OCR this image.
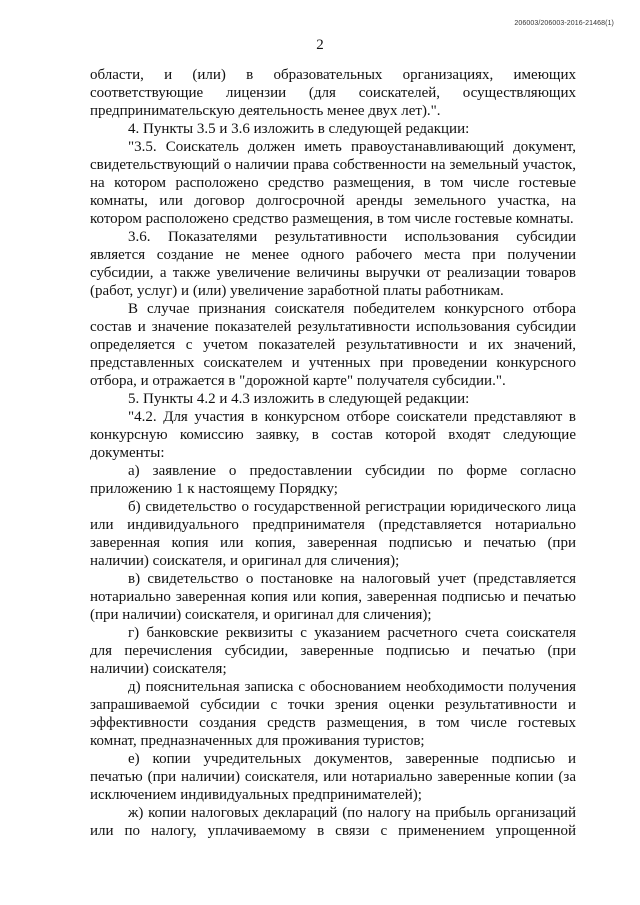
206003/206003-2016-21468(1)
2

области, и (или) в образовательных организациях, имеющих соответствующие лицензии (для соискателей, осуществляющих предпринимательскую деятельность менее двух лет).".

4. Пункты 3.5 и 3.6 изложить в следующей редакции:

"3.5. Соискатель должен иметь правоустанавливающий документ, свидетельствующий о наличии права собственности на земельный участок, на котором расположено средство размещения, в том числе гостевые комнаты, или договор долгосрочной аренды земельного участка, на котором расположено средство размещения, в том числе гостевые комнаты.

3.6. Показателями результативности использования субсидии является создание не менее одного рабочего места при получении субсидии, а также увеличение величины выручки от реализации товаров (работ, услуг) и (или) увеличение заработной платы работникам.

В случае признания соискателя победителем конкурсного отбора состав и значение показателей результативности использования субсидии определяется с учетом показателей результативности и их значений, представленных соискателем и учтенных при проведении конкурсного отбора, и отражается в "дорожной карте" получателя субсидии.".

5. Пункты 4.2 и 4.3 изложить в следующей редакции:

"4.2. Для участия в конкурсном отборе соискатели представляют в конкурсную комиссию заявку, в состав которой входят следующие документы:

а) заявление о предоставлении субсидии по форме согласно приложению 1 к настоящему Порядку;

б) свидетельство о государственной регистрации юридического лица или индивидуального предпринимателя (представляется нотариально заверенная копия или копия, заверенная подписью и печатью (при наличии) соискателя, и оригинал для сличения);

в) свидетельство о постановке на налоговый учет (представляется нотариально заверенная копия или копия, заверенная подписью и печатью (при наличии) соискателя, и оригинал для сличения);

г) банковские реквизиты с указанием расчетного счета соискателя для перечисления субсидии, заверенные подписью и печатью (при наличии) соискателя;

д) пояснительная записка с обоснованием необходимости получения запрашиваемой субсидии с точки зрения оценки результативности и эффективности создания средств размещения, в том числе гостевых комнат, предназначенных для проживания туристов;

е) копии учредительных документов, заверенные подписью и печатью (при наличии) соискателя, или нотариально заверенные копии (за исключением индивидуальных предпринимателей);

ж) копии налоговых деклараций (по налогу на прибыль организаций или по налогу, уплачиваемому в связи с применением упрощенной
